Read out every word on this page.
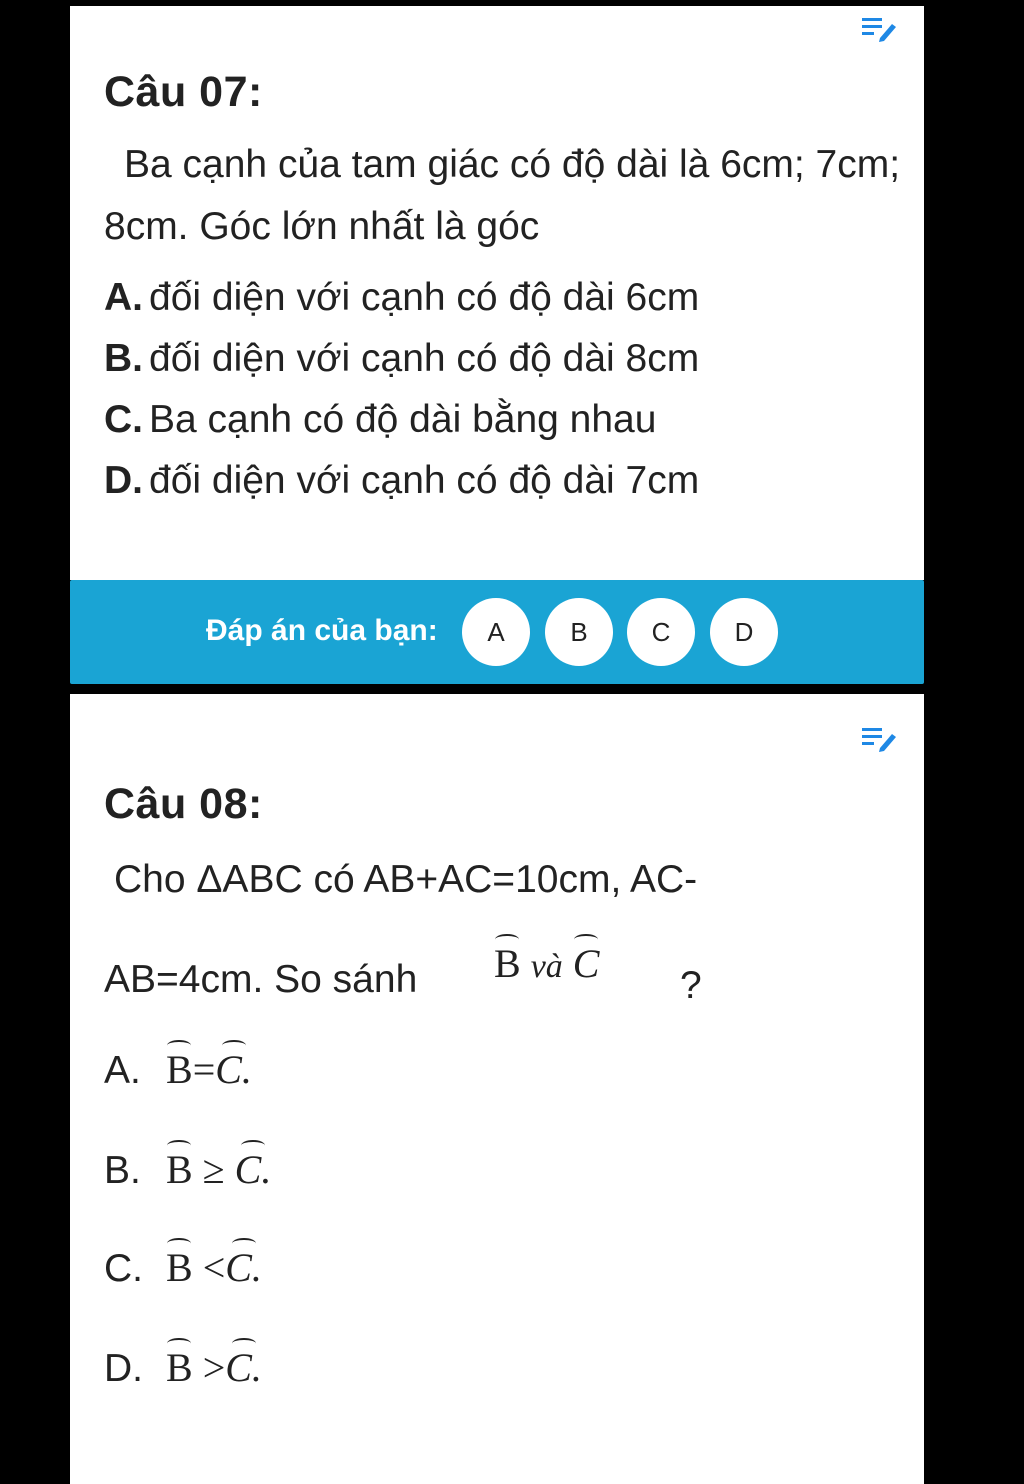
Câu 07:

Ba cạnh của tam giác có độ dài là 6cm; 7cm; 8cm. Góc lớn nhất là góc

A. đối diện với cạnh có độ dài 6cm

B. đối diện với cạnh có độ dài 8cm

C. Ba cạnh có độ dài bằng nhau

D. đối diện với cạnh có độ dài 7cm

Đáp án của bạn:	A	B	C	D
Câu 08:

Cho ΔABC có AB+AC=10cm, AC-

AB=4cm. So sánh B và C ?
A. B=C.
B. B ≥ C.
C. B <C.
D. B >C.
